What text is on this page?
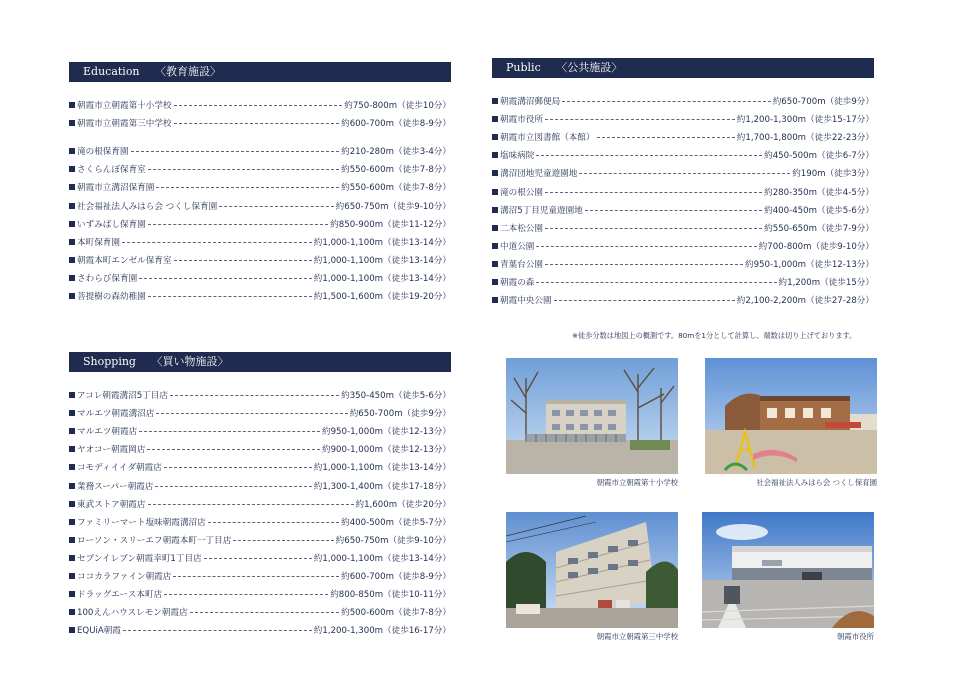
Education 〈教育施設〉
朝霞市立朝霞第十小学校	約750-800m（徒歩10分）
朝霞市立朝霞第三中学校	約600-700m（徒歩8-9分）
滝の根保育園	約210-280m（徒歩3-4分）
さくらんぼ保育室	約550-600m（徒歩7-8分）
朝霞市立溝沼保育園	約550-600m（徒歩7-8分）
社会福祉法人みはら会 つくし保育園	約650-750m（徒歩9-10分）
いずみばし保育園	約850-900m（徒歩11-12分）
本町保育園	約1,000-1,100m（徒歩13-14分）
朝霞本町エンゼル保育室	約1,000-1,100m（徒歩13-14分）
さわらび保育園	約1,000-1,100m（徒歩13-14分）
菩提樹の森幼稚園	約1,500-1,600m（徒歩19-20分）
Public 〈公共施設〉
朝霞溝沼郵便局	約650-700m（徒歩9分）
朝霞市役所	約1,200-1,300m（徒歩15-17分）
朝霞市立図書館（本館）	約1,700-1,800m（徒歩22-23分）
塩味病院	約450-500m（徒歩6-7分）
溝沼団地児童遊園地	約190m（徒歩3分）
滝の根公園	約280-350m（徒歩4-5分）
溝沼5丁目児童遊園地	約400-450m（徒歩5-6分）
二本松公園	約550-650m（徒歩7-9分）
中道公園	約700-800m（徒歩9-10分）
青葉台公園	約950-1,000m（徒歩12-13分）
朝霞の森	約1,200m（徒歩15分）
朝霞中央公園	約2,100-2,200m（徒歩27-28分）
Shopping 〈買い物施設〉
アコレ朝霞溝沼5丁目店	約350-450m（徒歩5-6分）
マルエツ朝霞溝沼店	約650-700m（徒歩9分）
マルエツ朝霞店	約950-1,000m（徒歩12-13分）
ヤオコー朝霞岡店	約900-1,000m（徒歩12-13分）
コモディイイダ朝霞店	約1,000-1,100m（徒歩13-14分）
業務スーパー朝霞店	約1,300-1,400m（徒歩17-18分）
東武ストア朝霞店	約1,600m（徒歩20分）
ファミリーマート塩味朝霞溝沼店	約400-500m（徒歩5-7分）
ローソン・スリーエフ朝霞本町一丁目店	約650-750m（徒歩9-10分）
セブンイレブン朝霞幸町1丁目店	約1,000-1,100m（徒歩13-14分）
ココカラファイン朝霞店	約600-700m（徒歩8-9分）
ドラッグエース本町店	約800-850m（徒歩10-11分）
100えんハウスレモン朝霞店	約500-600m（徒歩7-8分）
EQUiA朝霞	約1,200-1,300m（徒歩16-17分）
※徒歩分数は地図上の概測です。80mを1分として計算し、端数は切り上げております。
朝霞市立朝霞第十小学校	社会福祉法人みはら会 つくし保育園
朝霞市立朝霞第三中学校	朝霞市役所
